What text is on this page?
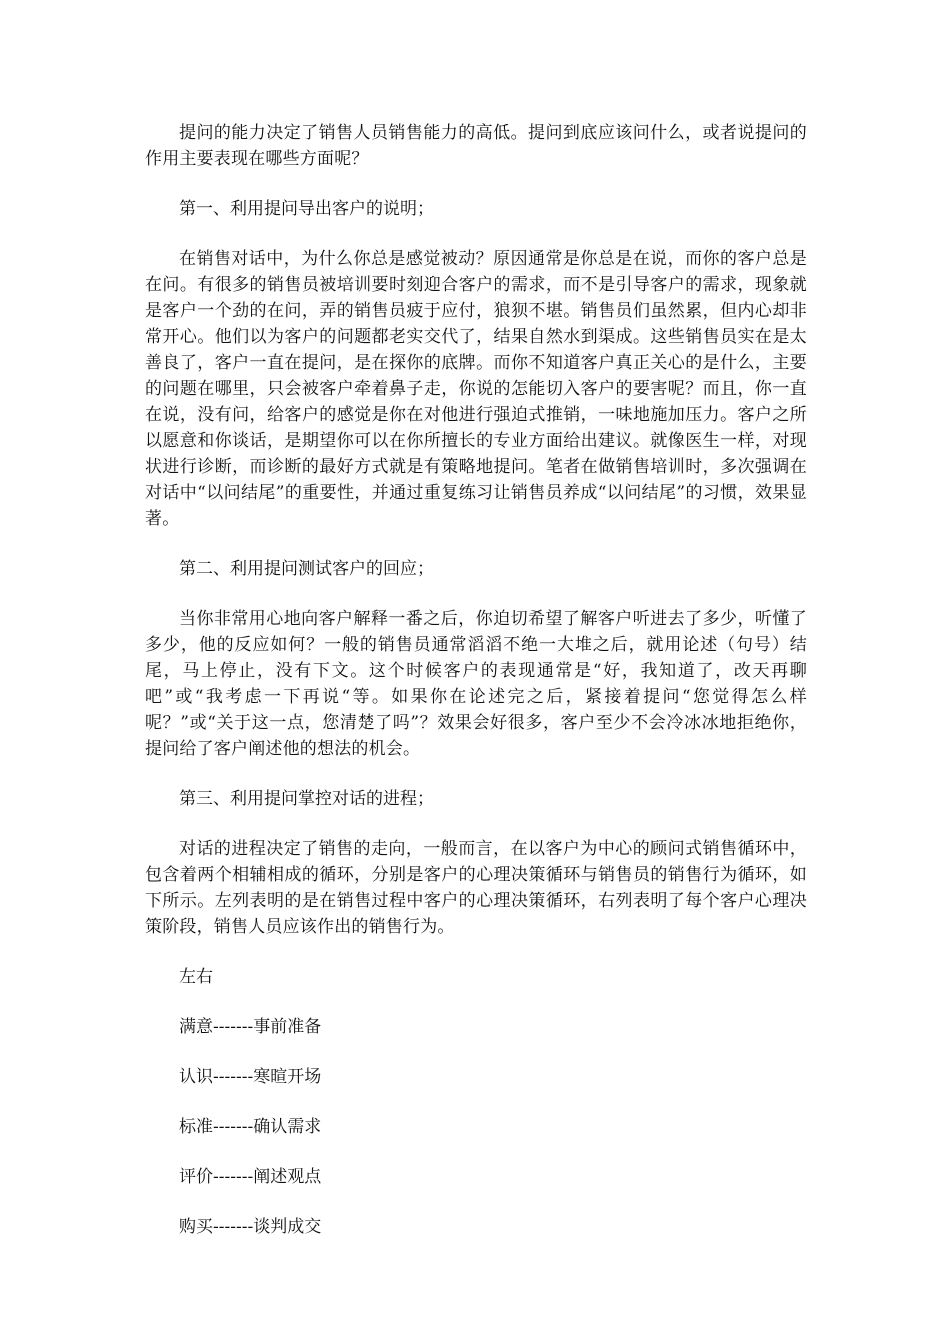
提问的能力决定了销售人员销售能力的高低。提问到底应该问什么，或者说提问的作用主要表现在哪些方面呢？

第一、利用提问导出客户的说明；

在销售对话中，为什么你总是感觉被动？原因通常是你总是在说，而你的客户总是在问。有很多的销售员被培训要时刻迎合客户的需求，而不是引导客户的需求，现象就是客户一个劲的在问，弄的销售员疲于应付，狼狈不堪。销售员们虽然累，但内心却非常开心。他们以为客户的问题都老实交代了，结果自然水到渠成。这些销售员实在是太善良了，客户一直在提问，是在探你的底牌。而你不知道客户真正关心的是什么，主要的问题在哪里，只会被客户牵着鼻子走，你说的怎能切入客户的要害呢？而且，你一直在说，没有问，给客户的感觉是你在对他进行强迫式推销，一味地施加压力。客户之所以愿意和你谈话，是期望你可以在你所擅长的专业方面给出建议。就像医生一样，对现状进行诊断，而诊断的最好方式就是有策略地提问。笔者在做销售培训时，多次强调在对话中“以问结尾”的重要性，并通过重复练习让销售员养成“以问结尾”的习惯，效果显著。

第二、利用提问测试客户的回应；

当你非常用心地向客户解释一番之后，你迫切希望了解客户听进去了多少，听懂了多少，他的反应如何？一般的销售员通常滔滔不绝一大堆之后，就用论述（句号）结尾，马上停止，没有下文。这个时候客户的表现通常是“好，我知道了，改天再聊吧”或“我考虑一下再说“等。如果你在论述完之后，紧接着提问“您觉得怎么样呢？”或“关于这一点，您清楚了吗”？效果会好很多，客户至少不会冷冰冰地拒绝你，提问给了客户阐述他的想法的机会。

第三、利用提问掌控对话的进程；

对话的进程决定了销售的走向，一般而言，在以客户为中心的顾问式销售循环中，包含着两个相辅相成的循环，分别是客户的心理决策循环与销售员的销售行为循环，如下所示。左列表明的是在销售过程中客户的心理决策循环，右列表明了每个客户心理决策阶段，销售人员应该作出的销售行为。

左右

满意-------事前准备

认识-------寒暄开场

标准-------确认需求

评价-------阐述观点

购买-------谈判成交
